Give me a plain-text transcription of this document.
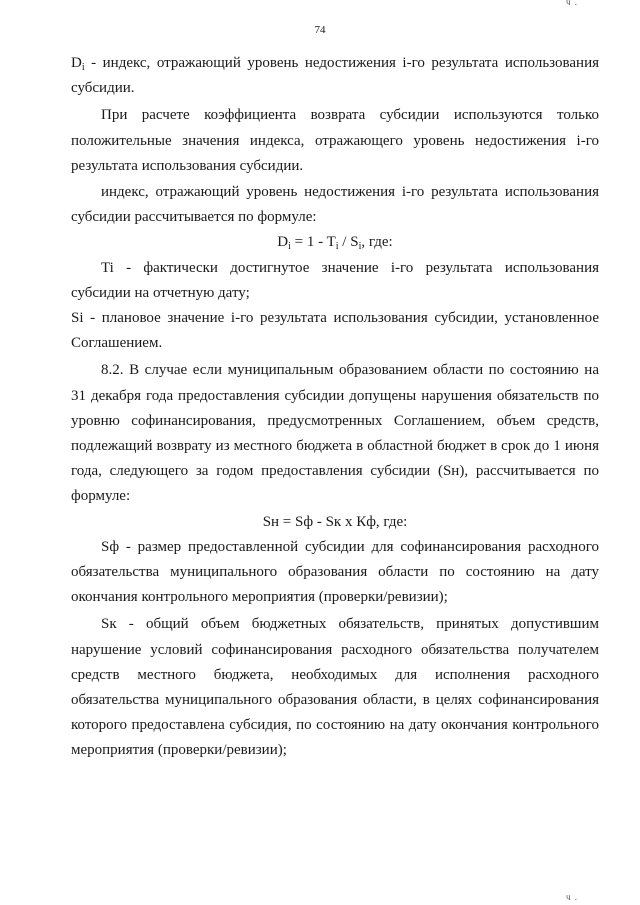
ч .
74

$D_i$ - индекс, отражающий уровень недостижения i-го результата использования субсидии.

При расчете коэффициента возврата субсидии используются только положительные значения индекса, отражающего уровень недостижения i-го результата использования субсидии.

индекс, отражающий уровень недостижения i-го результата использования субсидии рассчитывается по формуле:

$D_i = 1 - T_i / S_i$, где:

Ti - фактически достигнутое значение i-го результата использования субсидии на отчетную дату;

Si - плановое значение i-го результата использования субсидии, установленное Соглашением.

8.2. В случае если муниципальным образованием области по состоянию на 31 декабря года предоставления субсидии допущены нарушения обязательств по уровню софинансирования, предусмотренных Соглашением, объем средств, подлежащий возврату из местного бюджета в областной бюджет в срок до 1 июня года, следующего за годом предоставления субсидии (Sн), рассчитывается по формуле:

Sн = Sф - Sк х Кф, где:

Sф - размер предоставленной субсидии для софинансирования расходного обязательства муниципального образования области по состоянию на дату окончания контрольного мероприятия (проверки/ревизии);

Sк - общий объем бюджетных обязательств, принятых допустившим нарушение условий софинансирования расходного обязательства получателем средств местного бюджета, необходимых для исполнения расходного обязательства муниципального образования области, в целях софинансирования которого предоставлена субсидия, по состоянию на дату окончания контрольного мероприятия (проверки/ревизии);

ч .
